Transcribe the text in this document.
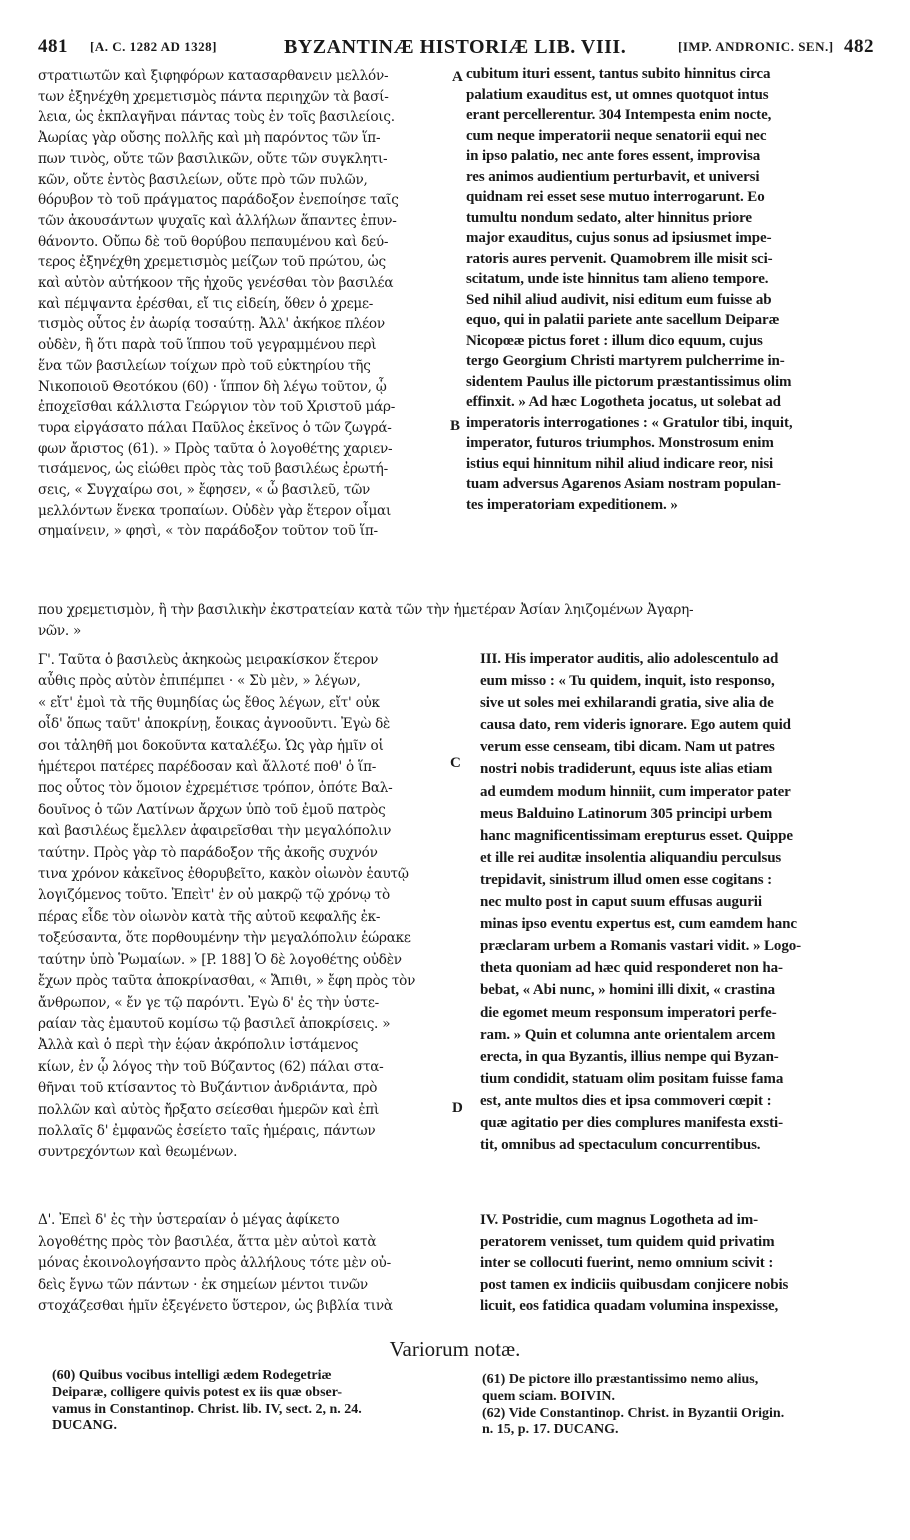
481 [A. C. 1282 AD 1328]	BYZANTINÆ HISTORIÆ LIB. VIII.	[IMP. ANDRONIC. SEN.] 482
στρατιωτῶν καὶ ξιφηφόρων κατασαρθανειν μελλόν-
των ἐξηνέχθη χρεμετισμὸς πάντα περιηχῶν τὰ βασί-
λεια, ὡς ἐκπλαγῆναι πάντας τοὺς ἐν τοῖς βασιλείοις.
Ἀωρίας γὰρ οὔσης πολλῆς καὶ μὴ παρόντος τῶν ἵπ-
πων τινὸς, οὔτε τῶν βασιλικῶν, οὔτε τῶν συγκλητι-
κῶν, οὔτε ἐντὸς βασιλείων, οὔτε πρὸ τῶν πυλῶν,
θόρυβον τὸ τοῦ πράγματος παράδοξον ἐνεποίησε ταῖς
τῶν ἀκουσάντων ψυχαῖς καὶ ἀλλήλων ἅπαντες ἐπυν-
θάνοντο. Οὔπω δὲ τοῦ θορύβου πεπαυμένου καὶ δεύ-
τερος ἐξηνέχθη χρεμετισμὸς μείζων τοῦ πρώτου, ὡς
καὶ αὐτὸν αὐτήκοον τῆς ἠχοῦς γενέσθαι τὸν βασιλέα
καὶ πέμψαντα ἐρέσθαι, εἴ τις εἰδείη, ὅθεν ὁ χρεμε-
τισμὸς οὗτος ἐν ἀωρίᾳ τοσαύτῃ. Ἀλλ' ἀκήκοε πλέον
οὐδὲν, ἢ ὅτι παρὰ τοῦ ἵππου τοῦ γεγραμμένου περὶ
ἕνα τῶν βασιλείων τοίχων πρὸ τοῦ εὐκτηρίου τῆς
Νικοποιοῦ Θεοτόκου (60) · ἵππον δὴ λέγω τοῦτον, ᾧ
ἐποχεῖσθαι κάλλιστα Γεώργιον τὸν τοῦ Χριστοῦ μάρ-
τυρα εἰργάσατο πάλαι Παῦλος ἐκεῖνος ὁ τῶν ζωγρά-
φων ἄριστος (61). » Πρὸς ταῦτα ὁ λογοθέτης χαριεν-
τισάμενος, ὡς εἰώθει πρὸς τὰς τοῦ βασιλέως ἐρωτή-
σεις, « Συγχαίρω σοι, » ἔφησεν, « ὦ βασιλεῦ, τῶν
μελλόντων ἕνεκα τροπαίων. Οὐδὲν γὰρ ἕτερον οἶμαι
σημαίνειν, » φησὶ, « τὸν παράδοξον τοῦτον τοῦ ἵπ-
cubitum ituri essent, tantus subito hinnitus circa
palatium exauditus est, ut omnes quotquot intus
erant percellerentur. 304 Intempesta enim nocte,
cum neque imperatorii neque senatorii equi nec
in ipso palatio, nec ante fores essent, improvisa
res animos audientium perturbavit, et universi
quidnam rei esset sese mutuo interrogarunt. Eo
tumultu nondum sedato, alter hinnitus priore
major exauditus, cujus sonus ad ipsiusmet impe-
ratoris aures pervenit. Quamobrem ille misit sci-
scitatum, unde iste hinnitus tam alieno tempore.
Sed nihil aliud audivit, nisi editum eum fuisse ab
equo, qui in palatii pariete ante sacellum Deiparæ
Nicopœæ pictus foret : illum dico equum, cujus
tergo Georgium Christi martyrem pulcherrime in-
sidentem Paulus ille pictorum præstantissimus olim
effinxit. » Ad hæc Logotheta jocatus, ut solebat ad
imperatoris interrogationes : « Gratulor tibi, inquit,
imperator, futuros triumphos. Monstrosum enim
istius equi hinnitum nihil aliud indicare reor, nisi
tuam adversus Agarenos Asiam nostram populan-
tes imperatoriam expeditionem. »
που χρεμετισμὸν, ἢ τὴν βασιλικὴν ἐκστρατείαν κατὰ τῶν τὴν ἡμετέραν Ἀσίαν ληιζομένων Ἀγαρη-
νῶν. »
A
B
C
D
Γ'. Ταῦτα ὁ βασιλεὺς ἀκηκοὼς μειρακίσκον ἕτερον
αὖθις πρὸς αὐτὸν ἐπιπέμπει · « Σὺ μὲν, » λέγων,
« εἴτ' ἐμοὶ τὰ τῆς θυμηδίας ὡς ἔθος λέγων, εἴτ' οὐκ
οἶδ' ὅπως ταῦτ' ἀποκρίνῃ, ἔοικας ἀγνοοῦντι. Ἐγὼ δὲ
σοι τἀληθῆ μοι δοκοῦντα καταλέξω. Ὡς γὰρ ἡμῖν οἱ
ἡμέτεροι πατέρες παρέδοσαν καὶ ἄλλοτέ ποθ' ὁ ἵπ-
πος οὗτος τὸν ὅμοιον ἐχρεμέτισε τρόπον, ὁπότε Βαλ-
δουῖνος ὁ τῶν Λατίνων ἄρχων ὑπὸ τοῦ ἐμοῦ πατρὸς
καὶ βασιλέως ἔμελλεν ἀφαιρεῖσθαι τὴν μεγαλόπολιν
ταύτην. Πρὸς γὰρ τὸ παράδοξον τῆς ἀκοῆς συχνόν
τινα χρόνον κἀκεῖνος ἐθορυβεῖτο, κακὸν οἰωνὸν ἑαυτῷ
λογιζόμενος τοῦτο. Ἐπεὶτ' ἐν οὐ μακρῷ τῷ χρόνῳ τὸ
πέρας εἶδε τὸν οἰωνὸν κατὰ τῆς αὐτοῦ κεφαλῆς ἐκ-
τοξεύσαντα, ὅτε πορθουμένην τὴν μεγαλόπολιν ἑώρακε
ταύτην ὑπὸ Ῥωμαίων. » [P. 188] Ὁ δὲ λογοθέτης οὐδὲν
ἔχων πρὸς ταῦτα ἀποκρίνασθαι, « Ἄπιθι, » ἔφη πρὸς τὸν
ἄνθρωπον, « ἔν γε τῷ παρόντι. Ἐγὼ δ' ἐς τὴν ὑστε-
ραίαν τὰς ἐμαυτοῦ κομίσω τῷ βασιλεῖ ἀποκρίσεις. »
Ἀλλὰ καὶ ὁ περὶ τὴν ἑῴαν ἀκρόπολιν ἱστάμενος
κίων, ἐν ᾧ λόγος τὴν τοῦ Βύζαντος (62) πάλαι στα-
θῆναι τοῦ κτίσαντος τὸ Βυζάντιον ἀνδριάντα, πρὸ
πολλῶν καὶ αὐτὸς ἤρξατο σείεσθαι ἡμερῶν καὶ ἐπὶ
πολλαῖς δ' ἐμφανῶς ἐσείετο ταῖς ἡμέραις, πάντων
συντρεχόντων καὶ θεωμένων.
III. His imperator auditis, alio adolescentulo ad
eum misso : « Tu quidem, inquit, isto responso,
sive ut soles mei exhilarandi gratia, sive alia de
causa dato, rem videris ignorare. Ego autem quid
verum esse censeam, tibi dicam. Nam ut patres
nostri nobis tradiderunt, equus iste alias etiam
ad eumdem modum hinniit, cum imperator pater
meus Balduino Latinorum 305 principi urbem
hanc magnificentissimam erepturus esset. Quippe
et ille rei auditæ insolentia aliquandiu perculsus
trepidavit, sinistrum illud omen esse cogitans :
nec multo post in caput suum effusas augurii
minas ipso eventu expertus est, cum eamdem hanc
præclaram urbem a Romanis vastari vidit. » Logo-
theta quoniam ad hæc quid responderet non ha-
bebat, « Abi nunc, » homini illi dixit, « crastina
die egomet meum responsum imperatori perfe-
ram. » Quin et columna ante orientalem arcem
erecta, in qua Byzantis, illius nempe qui Byzan-
tium condidit, statuam olim positam fuisse fama
est, ante multos dies et ipsa commoveri cœpit :
quæ agitatio per dies complures manifesta exsti-
tit, omnibus ad spectaculum concurrentibus.
Δ'. Ἐπεὶ δ' ἐς τὴν ὑστεραίαν ὁ μέγας ἀφίκετο
λογοθέτης πρὸς τὸν βασιλέα, ἅττα μὲν αὐτοὶ κατὰ
μόνας ἐκοινολογήσαντο πρὸς ἀλλήλους τότε μὲν οὐ-
δεὶς ἔγνω τῶν πάντων · ἐκ σημείων μέντοι τινῶν
στοχάζεσθαι ἡμῖν ἐξεγένετο ὕστερον, ὡς βιβλία τινὰ
IV. Postridie, cum magnus Logotheta ad im-
peratorem venisset, tum quidem quid privatim
inter se collocuti fuerint, nemo omnium scivit :
post tamen ex indiciis quibusdam conjicere nobis
licuit, eos fatidica quadam volumina inspexisse,
Variorum notæ.
(60) Quibus vocibus intelligi ædem Rodegetriæ
Deiparæ, colligere quivis potest ex iis quæ obser-
vamus in Constantinop. Christ. lib. IV, sect. 2, n. 24.
DUCANG.
(61) De pictore illo præstantissimo nemo alius,
quem sciam. BOIVIN.
(62) Vide Constantinop. Christ. in Byzantii Origin.
n. 15, p. 17. DUCANG.
